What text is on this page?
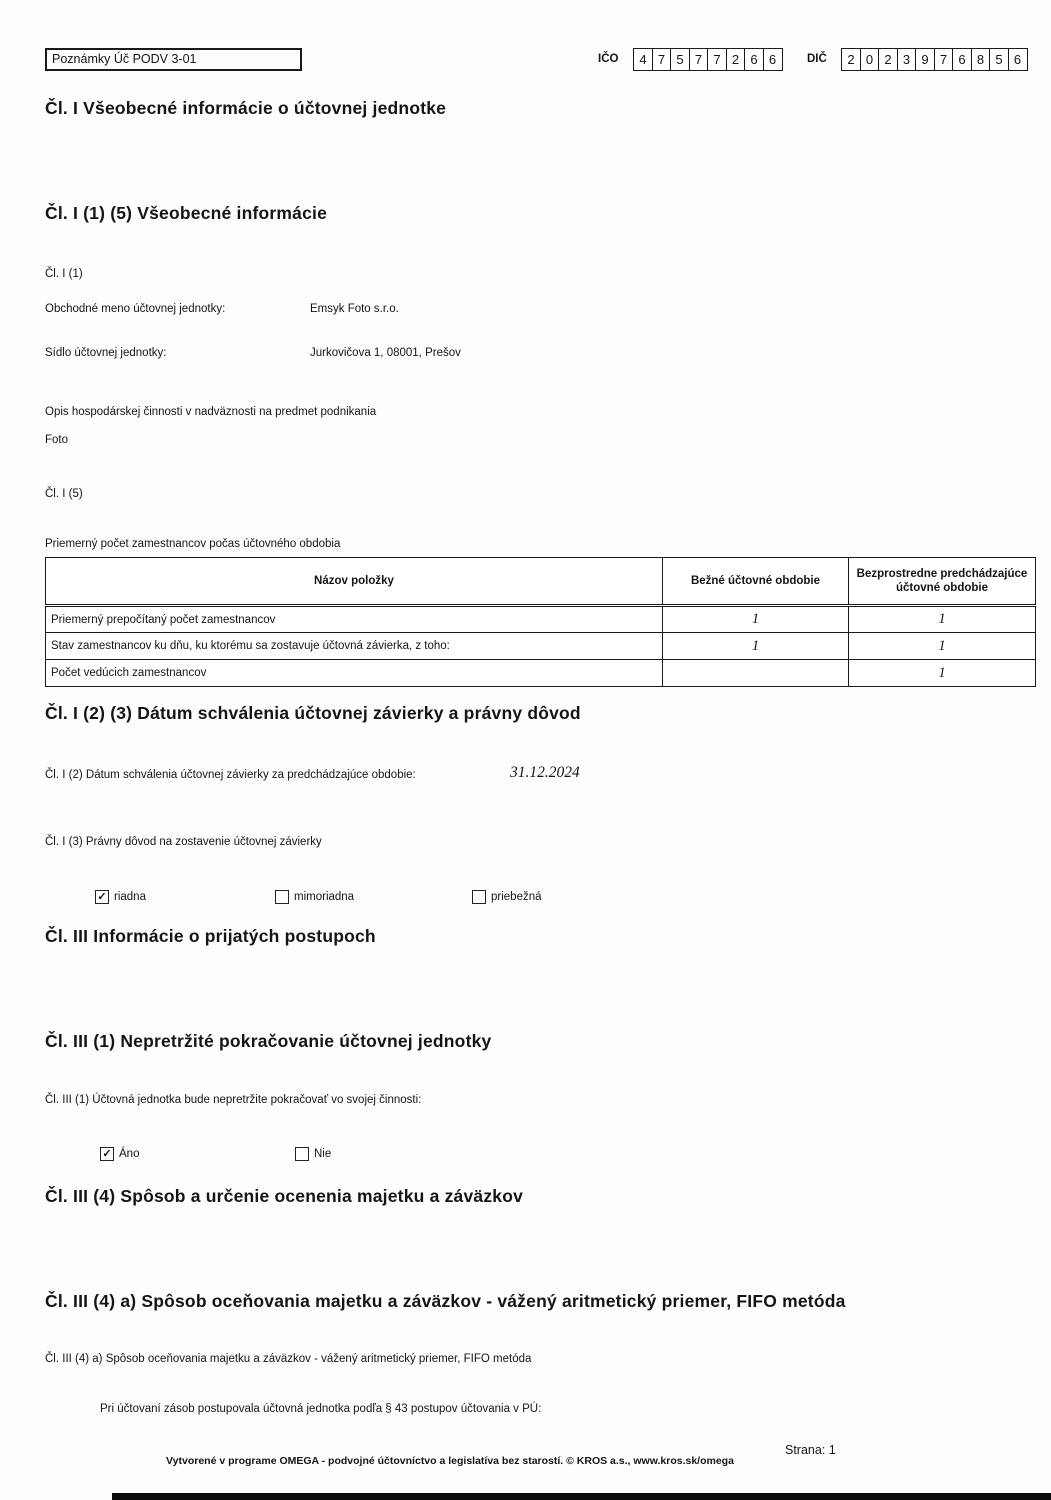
Poznámky Úč PODV 3-01	IČO	4 7 5 7 7 2 6 6	DIČ	2 0 2 3 9 7 6 8 5 6
Čl. I Všeobecné informácie o účtovnej jednotke
Čl. I (1) (5) Všeobecné informácie
Čl. I (1)
Obchodné meno účtovnej jednotky:	Emsyk Foto s.r.o.
Sídlo účtovnej jednotky:	Jurkovičova 1, 08001, Prešov
Opis hospodárskej činnosti v nadväznosti na predmet podnikania
Foto
Čl. I (5)
Priemerný počet zamestnancov počas účtovného obdobia
Názov položky	Bežné účtovné obdobie	Bezprostredne predchádzajúce účtovné obdobie
Priemerný prepočítaný počet zamestnancov	1	1
Stav zamestnancov ku dňu, ku ktorému sa zostavuje účtovná závierka, z toho:	1	1
Počet vedúcich zamestnancov		1
Čl. I (2) (3) Dátum schválenia účtovnej závierky a právny dôvod
Čl. I (2) Dátum schválenia účtovnej závierky za predchádzajúce obdobie:	31.12.2024
Čl. I (3) Právny dôvod na zostavenie účtovnej závierky
✓ riadna	mimoriadna	priebežná
Čl. III Informácie o prijatých postupoch
Čl. III (1) Nepretržité pokračovanie účtovnej jednotky
Čl. III (1) Účtovná jednotka bude nepretržite pokračovať vo svojej činnosti:
✓ Áno	Nie
Čl. III (4) Spôsob a určenie ocenenia majetku a záväzkov
Čl. III (4) a) Spôsob oceňovania majetku a záväzkov - vážený aritmetický priemer, FIFO metóda
Čl. III (4) a) Spôsob oceňovania majetku a záväzkov - vážený aritmetický priemer, FIFO metóda
Pri účtovaní zásob postupovala účtovná jednotka podľa § 43 postupov účtovania v PÚ:
Strana: 1
Vytvorené v programe OMEGA - podvojné účtovníctvo a legislatíva bez starostí. © KROS a.s., www.kros.sk/omega
